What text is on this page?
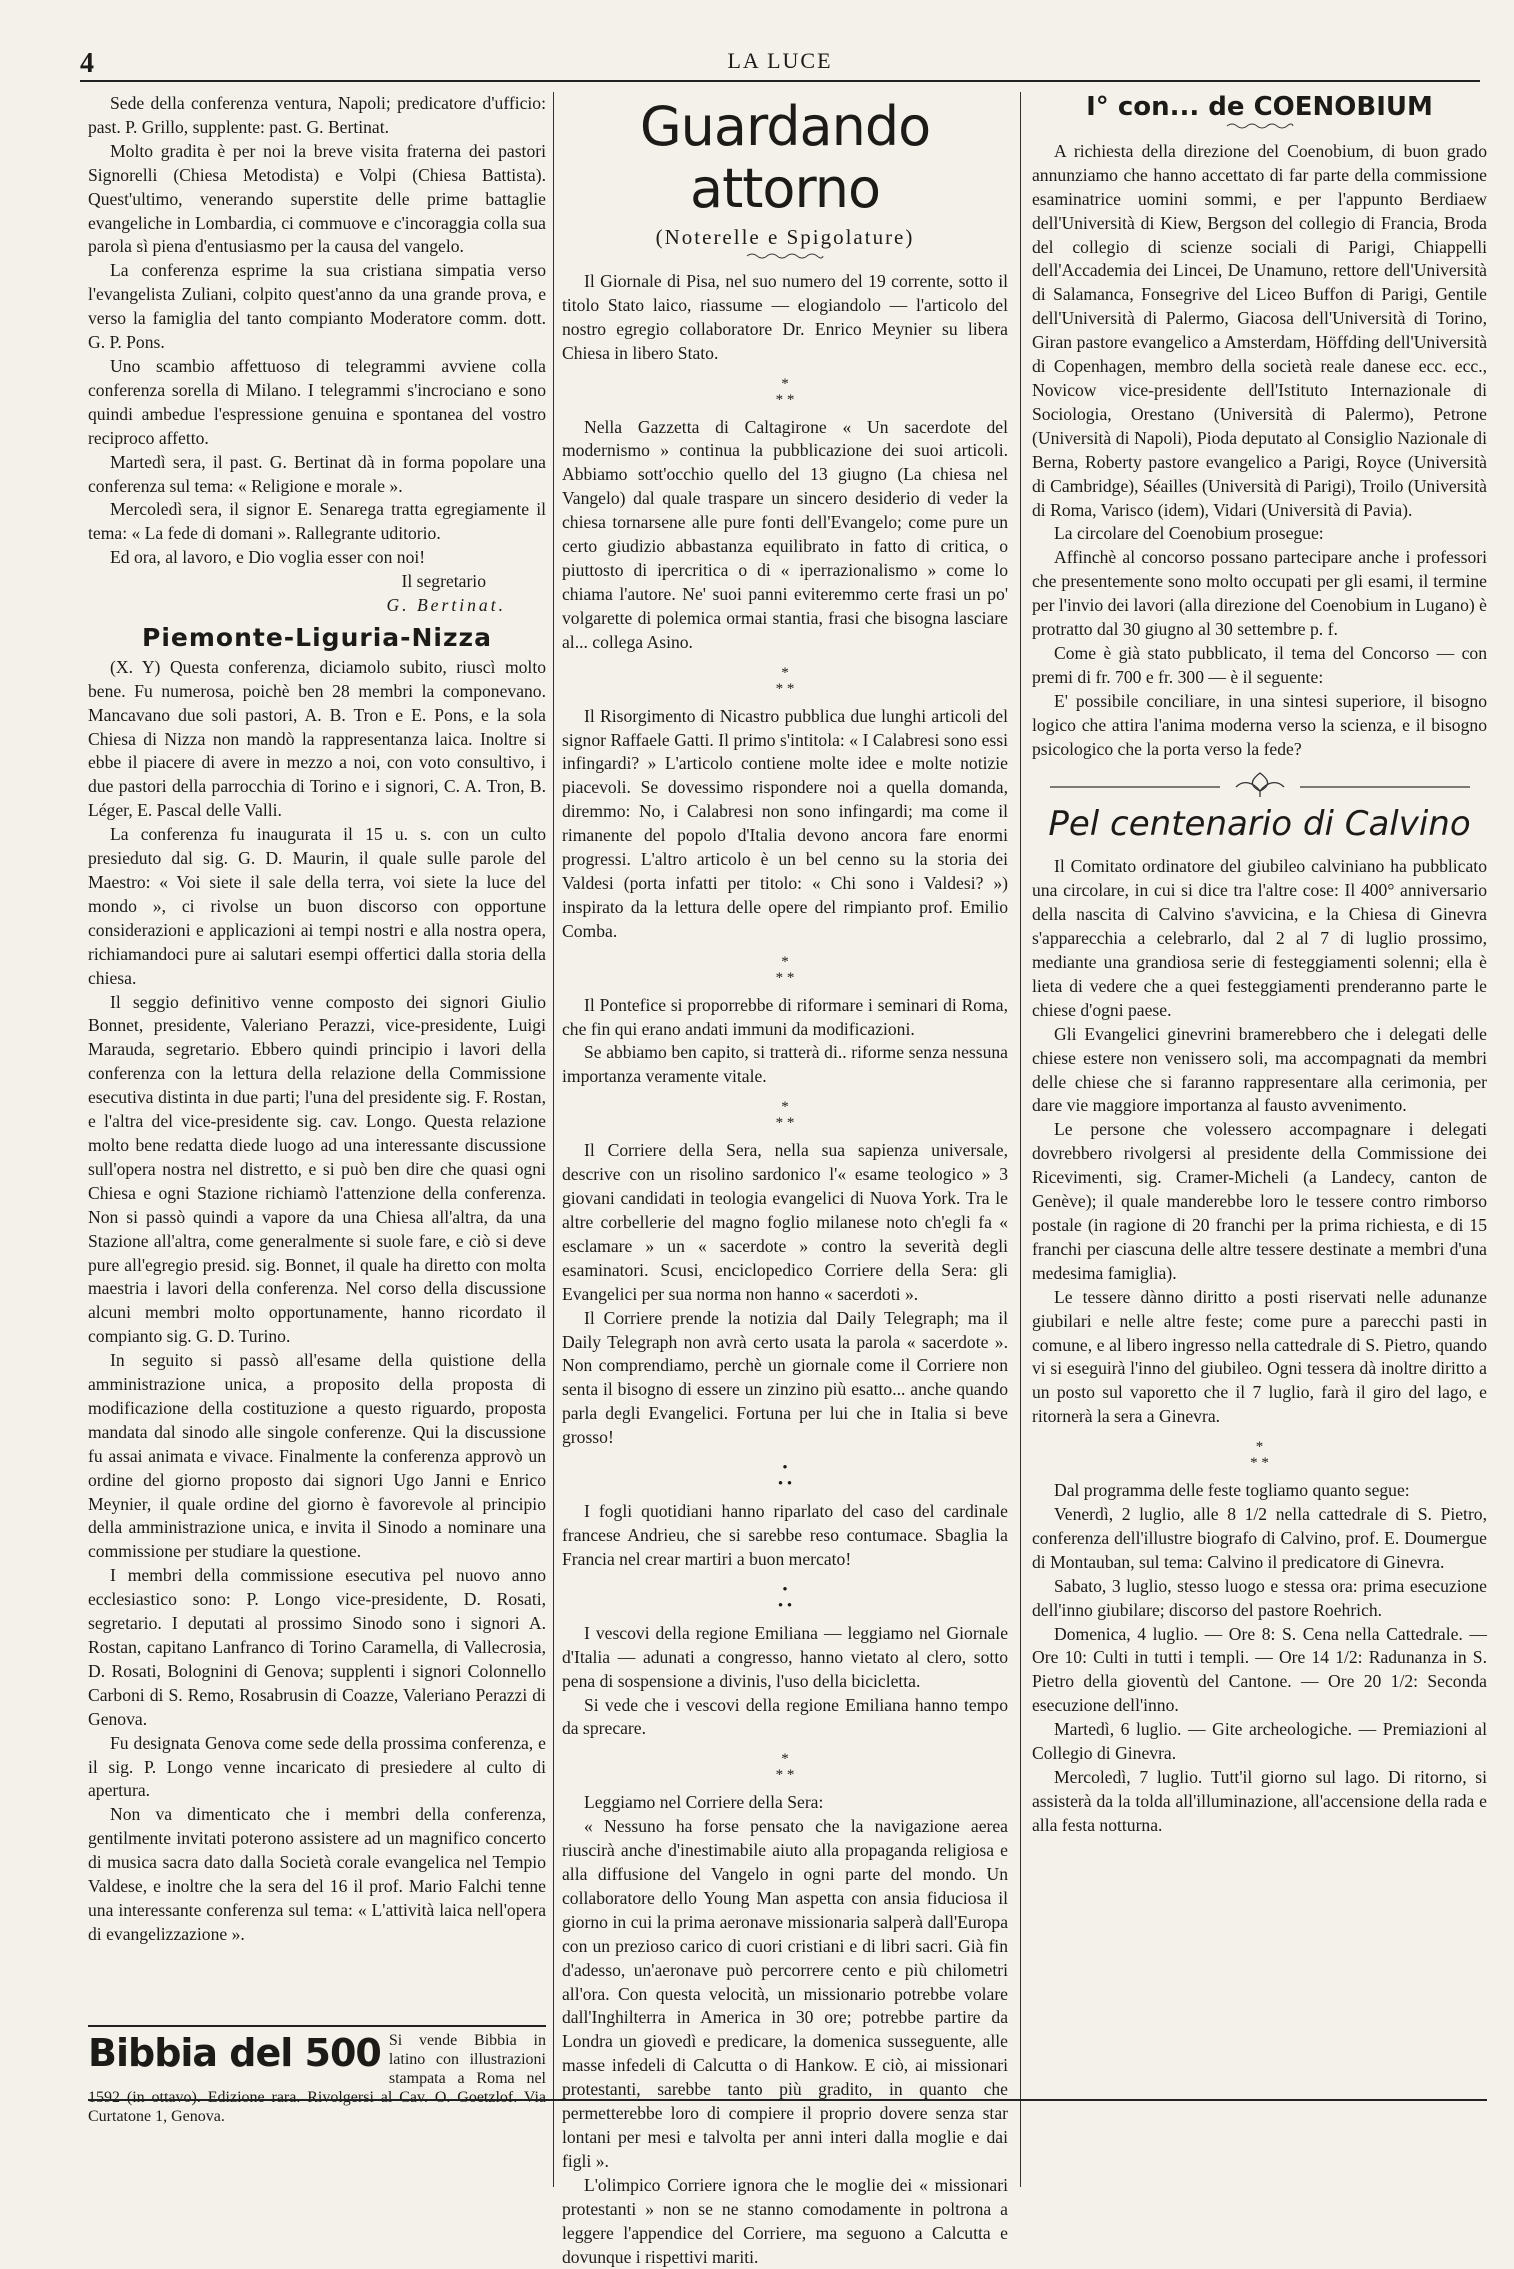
4	LA LUCE

Sede della conferenza ventura, Napoli; predicatore d'ufficio: past. P. Grillo, supplente: past. G. Bertinat.

Molto gradita è per noi la breve visita fraterna dei pastori Signorelli (Chiesa Metodista) e Volpi (Chiesa Battista). Quest'ultimo, venerando superstite delle prime battaglie evangeliche in Lombardia, ci commuove e c'incoraggia colla sua parola sì piena d'entusiasmo per la causa del vangelo.

La conferenza esprime la sua cristiana simpatia verso l'evangelista Zuliani, colpito quest'anno da una grande prova, e verso la famiglia del tanto compianto Moderatore comm. dott. G. P. Pons.

Uno scambio affettuoso di telegrammi avviene colla conferenza sorella di Milano. I telegrammi s'incrociano e sono quindi ambedue l'espressione genuina e spontanea del vostro reciproco affetto.

Martedì sera, il past. G. Bertinat dà in forma popolare una conferenza sul tema: « Religione e morale ».

Mercoledì sera, il signor E. Senarega tratta egregiamente il tema: « La fede di domani ». Rallegrante uditorio.

Ed ora, al lavoro, e Dio voglia esser con noi!

Il segretario

G. Bertinat.

Piemonte-Liguria-Nizza

(X. Y) Questa conferenza, diciamolo subito, riuscì molto bene. Fu numerosa, poichè ben 28 membri la componevano. Mancavano due soli pastori, A. B. Tron e E. Pons, e la sola Chiesa di Nizza non mandò la rappresentanza laica. Inoltre si ebbe il piacere di avere in mezzo a noi, con voto consultivo, i due pastori della parrocchia di Torino e i signori, C. A. Tron, B. Léger, E. Pascal delle Valli.

La conferenza fu inaugurata il 15 u. s. con un culto presieduto dal sig. G. D. Maurin, il quale sulle parole del Maestro: « Voi siete il sale della terra, voi siete la luce del mondo », ci rivolse un buon discorso con opportune considerazioni e applicazioni ai tempi nostri e alla nostra opera, richiamandoci pure ai salutari esempi offertici dalla storia della chiesa.

Il seggio definitivo venne composto dei signori Giulio Bonnet, presidente, Valeriano Perazzi, vice-presidente, Luigi Marauda, segretario. Ebbero quindi principio i lavori della conferenza con la lettura della relazione della Commissione esecutiva distinta in due parti; l'una del presidente sig. F. Rostan, e l'altra del vice-presidente sig. cav. Longo. Questa relazione molto bene redatta diede luogo ad una interessante discussione sull'opera nostra nel distretto, e si può ben dire che quasi ogni Chiesa e ogni Stazione richiamò l'attenzione della conferenza. Non si passò quindi a vapore da una Chiesa all'altra, da una Stazione all'altra, come generalmente si suole fare, e ciò si deve pure all'egregio presid. sig. Bonnet, il quale ha diretto con molta maestria i lavori della conferenza. Nel corso della discussione alcuni membri molto opportunamente, hanno ricordato il compianto sig. G. D. Turino.

In seguito si passò all'esame della quistione della amministrazione unica, a proposito della proposta di modificazione della costituzione a questo riguardo, proposta mandata dal sinodo alle singole conferenze. Qui la discussione fu assai animata e vivace. Finalmente la conferenza approvò un ordine del giorno proposto dai signori Ugo Janni e Enrico Meynier, il quale ordine del giorno è favorevole al principio della amministrazione unica, e invita il Sinodo a nominare una commissione per studiare la questione.

I membri della commissione esecutiva pel nuovo anno ecclesiastico sono: P. Longo vice-presidente, D. Rosati, segretario. I deputati al prossimo Sinodo sono i signori A. Rostan, capitano Lanfranco di Torino Caramella, di Vallecrosia, D. Rosati, Bolognini di Genova; supplenti i signori Colonnello Carboni di S. Remo, Rosabrusin di Coazze, Valeriano Perazzi di Genova.

Fu designata Genova come sede della prossima conferenza, e il sig. P. Longo venne incaricato di presiedere al culto di apertura.

Non va dimenticato che i membri della conferenza, gentilmente invitati poterono assistere ad un magnifico concerto di musica sacra dato dalla Società corale evangelica nel Tempio Valdese, e inoltre che la sera del 16 il prof. Mario Falchi tenne una interessante conferenza sul tema: « L'attività laica nell'opera di evangelizzazione ».

Bibbia del 500 Si vende Bibbia in latino con illustrazioni stampata a Roma nel 1592 (in ottavo). Edizione rara. Rivolgersi al Cav. O. Goetzlof. Via Curtatone 1, Genova.
Guardando attorno
(Noterelle e Spigolature)

Il Giornale di Pisa, nel suo numero del 19 corrente, sotto il titolo Stato laico, riassume — elogiandolo — l'articolo del nostro egregio collaboratore Dr. Enrico Meynier su libera Chiesa in libero Stato.

*
* *

Nella Gazzetta di Caltagirone « Un sacerdote del modernismo » continua la pubblicazione dei suoi articoli. Abbiamo sott'occhio quello del 13 giugno (La chiesa nel Vangelo) dal quale traspare un sincero desiderio di veder la chiesa tornarsene alle pure fonti dell'Evangelo; come pure un certo giudizio abbastanza equilibrato in fatto di critica, o piuttosto di ipercritica o di « iperrazionalismo » come lo chiama l'autore. Ne' suoi panni eviteremmo certe frasi un po' volgarette di polemica ormai stantia, frasi che bisogna lasciare al... collega Asino.

*
* *

Il Risorgimento di Nicastro pubblica due lunghi articoli del signor Raffaele Gatti. Il primo s'intitola: « I Calabresi sono essi infingardi? » L'articolo contiene molte idee e molte notizie piacevoli. Se dovessimo rispondere noi a quella domanda, diremmo: No, i Calabresi non sono infingardi; ma come il rimanente del popolo d'Italia devono ancora fare enormi progressi. L'altro articolo è un bel cenno su la storia dei Valdesi (porta infatti per titolo: « Chi sono i Valdesi? ») inspirato da la lettura delle opere del rimpianto prof. Emilio Comba.

*
* *

Il Pontefice si proporrebbe di riformare i seminari di Roma, che fin qui erano andati immuni da modificazioni.

Se abbiamo ben capito, si tratterà di.. riforme senza nessuna importanza veramente vitale.

*
* *

Il Corriere della Sera, nella sua sapienza universale, descrive con un risolino sardonico l'« esame teologico » 3 giovani candidati in teologia evangelici di Nuova York. Tra le altre corbellerie del magno foglio milanese noto ch'egli fa « esclamare » un « sacerdote » contro la severità degli esaminatori. Scusi, enciclopedico Corriere della Sera: gli Evangelici per sua norma non hanno « sacerdoti ».

Il Corriere prende la notizia dal Daily Telegraph; ma il Daily Telegraph non avrà certo usata la parola « sacerdote ». Non comprendiamo, perchè un giornale come il Corriere non senta il bisogno di essere un zinzino più esatto... anche quando parla degli Evangelici. Fortuna per lui che in Italia si beve grosso!

•
• •

I fogli quotidiani hanno riparlato del caso del cardinale francese Andrieu, che si sarebbe reso contumace. Sbaglia la Francia nel crear martiri a buon mercato!

•
• •

I vescovi della regione Emiliana — leggiamo nel Giornale d'Italia — adunati a congresso, hanno vietato al clero, sotto pena di sospensione a divinis, l'uso della bicicletta.

Si vede che i vescovi della regione Emiliana hanno tempo da sprecare.

*
* *

Leggiamo nel Corriere della Sera:

« Nessuno ha forse pensato che la navigazione aerea riuscirà anche d'inestimabile aiuto alla propaganda religiosa e alla diffusione del Vangelo in ogni parte del mondo. Un collaboratore dello Young Man aspetta con ansia fiduciosa il giorno in cui la prima aeronave missionaria salperà dall'Europa con un prezioso carico di cuori cristiani e di libri sacri. Già fin d'adesso, un'aeronave può percorrere cento e più chilometri all'ora. Con questa velocità, un missionario potrebbe volare dall'Inghilterra in America in 30 ore; potrebbe partire da Londra un giovedì e predicare, la domenica susseguente, alle masse infedeli di Calcutta o di Hankow. E ciò, ai missionari protestanti, sarebbe tanto più gradito, in quanto che permetterebbe loro di compiere il proprio dovere senza star lontani per mesi e talvolta per anni interi dalla moglie e dai figli ».

L'olimpico Corriere ignora che le moglie dei « missionari protestanti » non se ne stanno comodamente in poltrona a leggere l'appendice del Corriere, ma seguono a Calcutta e dovunque i rispettivi mariti.

I° con... de COENOBIUM

A richiesta della direzione del Coenobium, di buon grado annunziamo che hanno accettato di far parte della commissione esaminatrice uomini sommi, e per l'appunto Berdiaew dell'Università di Kiew, Bergson del collegio di Francia, Broda del collegio di scienze sociali di Parigi, Chiappelli dell'Accademia dei Lincei, De Unamuno, rettore dell'Università di Salamanca, Fonsegrive del Liceo Buffon di Parigi, Gentile dell'Università di Palermo, Giacosa dell'Università di Torino, Giran pastore evangelico a Amsterdam, Höffding dell'Università di Copenhagen, membro della società reale danese ecc. ecc., Novicow vice-presidente dell'Istituto Internazionale di Sociologia, Orestano (Università di Palermo), Petrone (Università di Napoli), Pioda deputato al Consiglio Nazionale di Berna, Roberty pastore evangelico a Parigi, Royce (Università di Cambridge), Séailles (Università di Parigi), Troilo (Università di Roma, Varisco (idem), Vidari (Università di Pavia).

La circolare del Coenobium prosegue:

Affinchè al concorso possano partecipare anche i professori che presentemente sono molto occupati per gli esami, il termine per l'invio dei lavori (alla direzione del Coenobium in Lugano) è protratto dal 30 giugno al 30 settembre p. f.

Come è già stato pubblicato, il tema del Concorso — con premi di fr. 700 e fr. 300 — è il seguente:

E' possibile conciliare, in una sintesi superiore, il bisogno logico che attira l'anima moderna verso la scienza, e il bisogno psicologico che la porta verso la fede?

Pel centenario di Calvino

Il Comitato ordinatore del giubileo calviniano ha pubblicato una circolare, in cui si dice tra l'altre cose: Il 400° anniversario della nascita di Calvino s'avvicina, e la Chiesa di Ginevra s'apparecchia a celebrarlo, dal 2 al 7 di luglio prossimo, mediante una grandiosa serie di festeggiamenti solenni; ella è lieta di vedere che a quei festeggiamenti prenderanno parte le chiese d'ogni paese.

Gli Evangelici ginevrini bramerebbero che i delegati delle chiese estere non venissero soli, ma accompagnati da membri delle chiese che si faranno rappresentare alla cerimonia, per dare vie maggiore importanza al fausto avvenimento.

Le persone che volessero accompagnare i delegati dovrebbero rivolgersi al presidente della Commissione dei Ricevimenti, sig. Cramer-Micheli (a Landecy, canton de Genève); il quale manderebbe loro le tessere contro rimborso postale (in ragione di 20 franchi per la prima richiesta, e di 15 franchi per ciascuna delle altre tessere destinate a membri d'una medesima famiglia).

Le tessere dànno diritto a posti riservati nelle adunanze giubilari e nelle altre feste; come pure a parecchi pasti in comune, e al libero ingresso nella cattedrale di S. Pietro, quando vi si eseguirà l'inno del giubileo. Ogni tessera dà inoltre diritto a un posto sul vaporetto che il 7 luglio, farà il giro del lago, e ritornerà la sera a Ginevra.

*
* *

Dal programma delle feste togliamo quanto segue:

Venerdì, 2 luglio, alle 8 1/2 nella cattedrale di S. Pietro, conferenza dell'illustre biografo di Calvino, prof. E. Doumergue di Montauban, sul tema: Calvino il predicatore di Ginevra.

Sabato, 3 luglio, stesso luogo e stessa ora: prima esecuzione dell'inno giubilare; discorso del pastore Roehrich.

Domenica, 4 luglio. — Ore 8: S. Cena nella Cattedrale. — Ore 10: Culti in tutti i templi. — Ore 14 1/2: Radunanza in S. Pietro della gioventù del Cantone. — Ore 20 1/2: Seconda esecuzione dell'inno.

Martedì, 6 luglio. — Gite archeologiche. — Premiazioni al Collegio di Ginevra.

Mercoledì, 7 luglio. Tutt'il giorno sul lago. Di ritorno, si assisterà da la tolda all'illuminazione, all'accensione della rada e alla festa notturna.
